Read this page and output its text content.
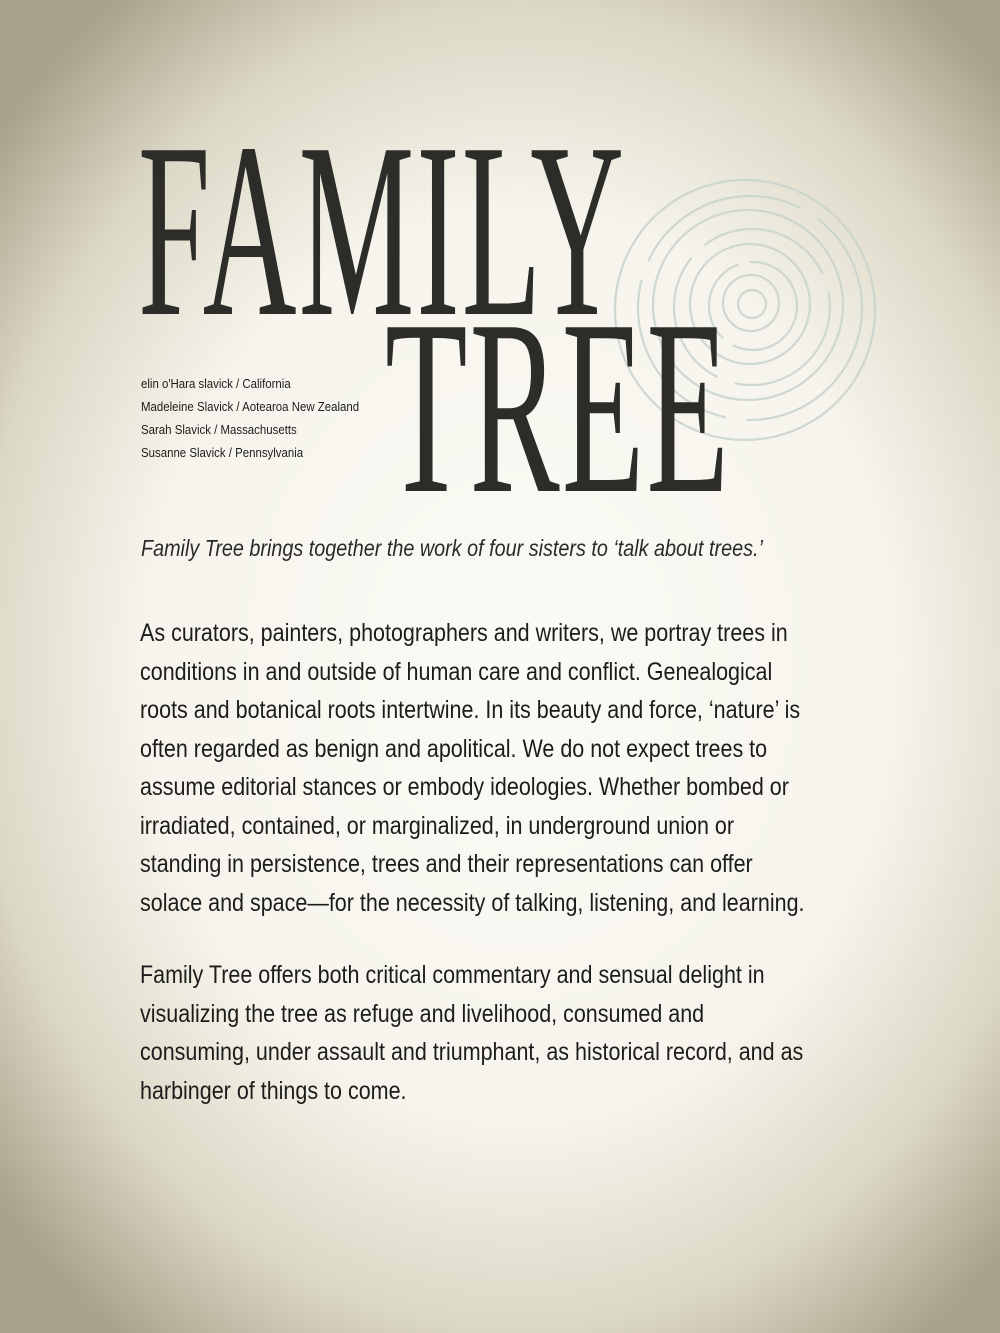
FAMILY
TREE
elin o'Hara slavick / California
Madeleine Slavick / Aotearoa New Zealand
Sarah Slavick / Massachusetts
Susanne Slavick / Pennsylvania
Family Tree brings together the work of four sisters to ‘talk about trees.’
As curators, painters, photographers and writers, we portray trees in
conditions in and outside of human care and conflict. Genealogical
roots and botanical roots intertwine. In its beauty and force, ‘nature’ is
often regarded as benign and apolitical. We do not expect trees to
assume editorial stances or embody ideologies. Whether bombed or
irradiated, contained, or marginalized, in underground union or
standing in persistence, trees and their representations can offer
solace and space—for the necessity of talking, listening, and learning.
Family Tree offers both critical commentary and sensual delight in
visualizing the tree as refuge and livelihood, consumed and
consuming, under assault and triumphant, as historical record, and as
harbinger of things to come.
